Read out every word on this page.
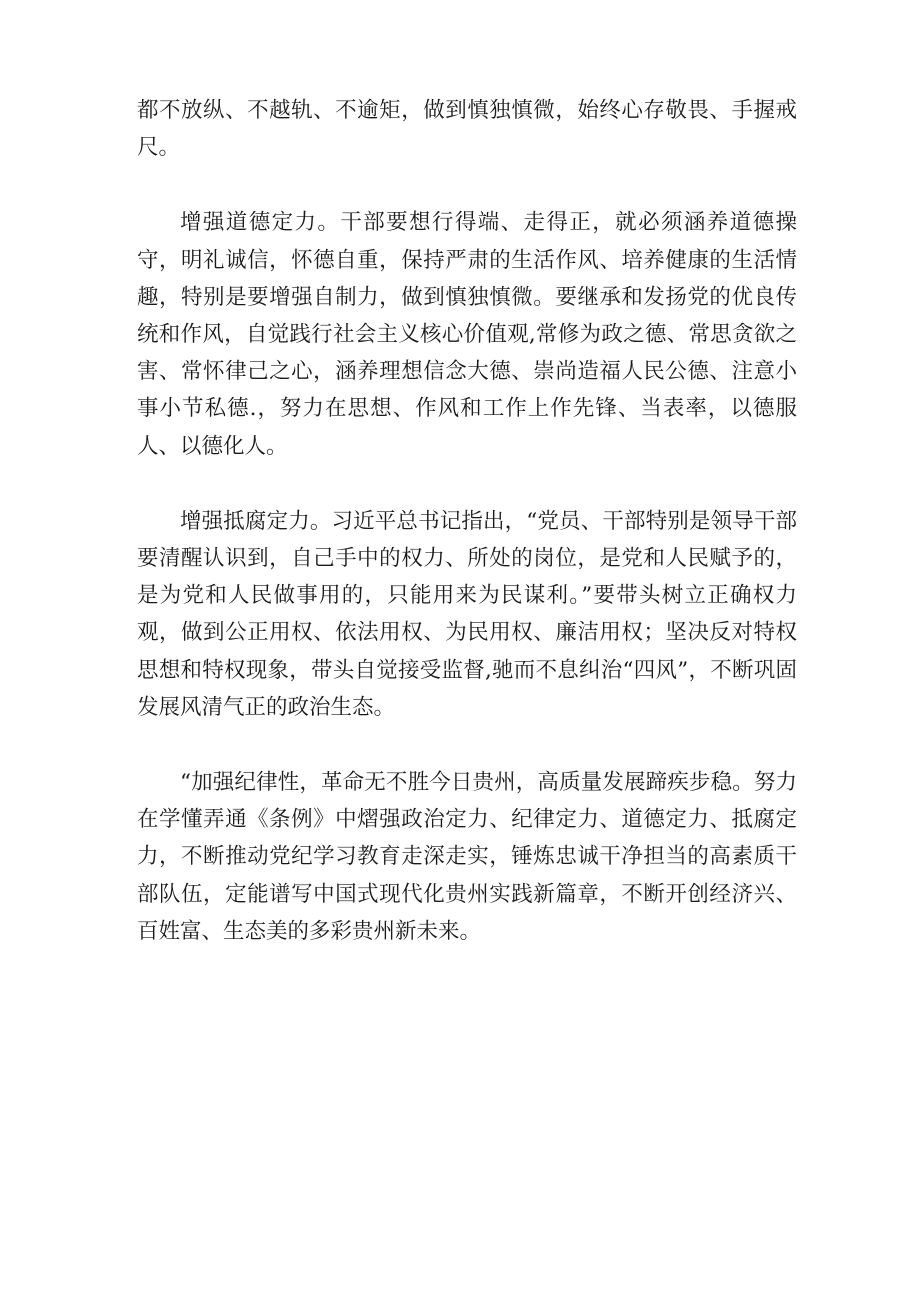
都不放纵、不越轨、不逾矩，做到慎独慎微，始终心存敬畏、手握戒尺。

增强道德定力。干部要想行得端、走得正，就必须涵养道德操守，明礼诚信，怀德自重，保持严肃的生活作风、培养健康的生活情趣，特别是要增强自制力，做到慎独慎微。要继承和发扬党的优良传统和作风，自觉践行社会主义核心价值观,常修为政之德、常思贪欲之害、常怀律己之心，涵养理想信念大德、崇尚造福人民公德、注意小事小节私德.，努力在思想、作风和工作上作先锋、当表率，以德服人、以德化人。

增强抵腐定力。习近平总书记指出，“党员、干部特别是领导干部要清醒认识到，自己手中的权力、所处的岗位，是党和人民赋予的，是为党和人民做事用的，只能用来为民谋利。”要带头树立正确权力观，做到公正用权、依法用权、为民用权、廉洁用权；坚决反对特权思想和特权现象，带头自觉接受监督,驰而不息纠治“四风”，不断巩固发展风清气正的政治生态。

“加强纪律性，革命无不胜今日贵州，高质量发展蹄疾步稳。努力在学懂弄通《条例》中熠强政治定力、纪律定力、道德定力、抵腐定力，不断推动党纪学习教育走深走实，锤炼忠诚干净担当的高素质干部队伍，定能谱写中国式现代化贵州实践新篇章，不断开创经济兴、百姓富、生态美的多彩贵州新未来。
